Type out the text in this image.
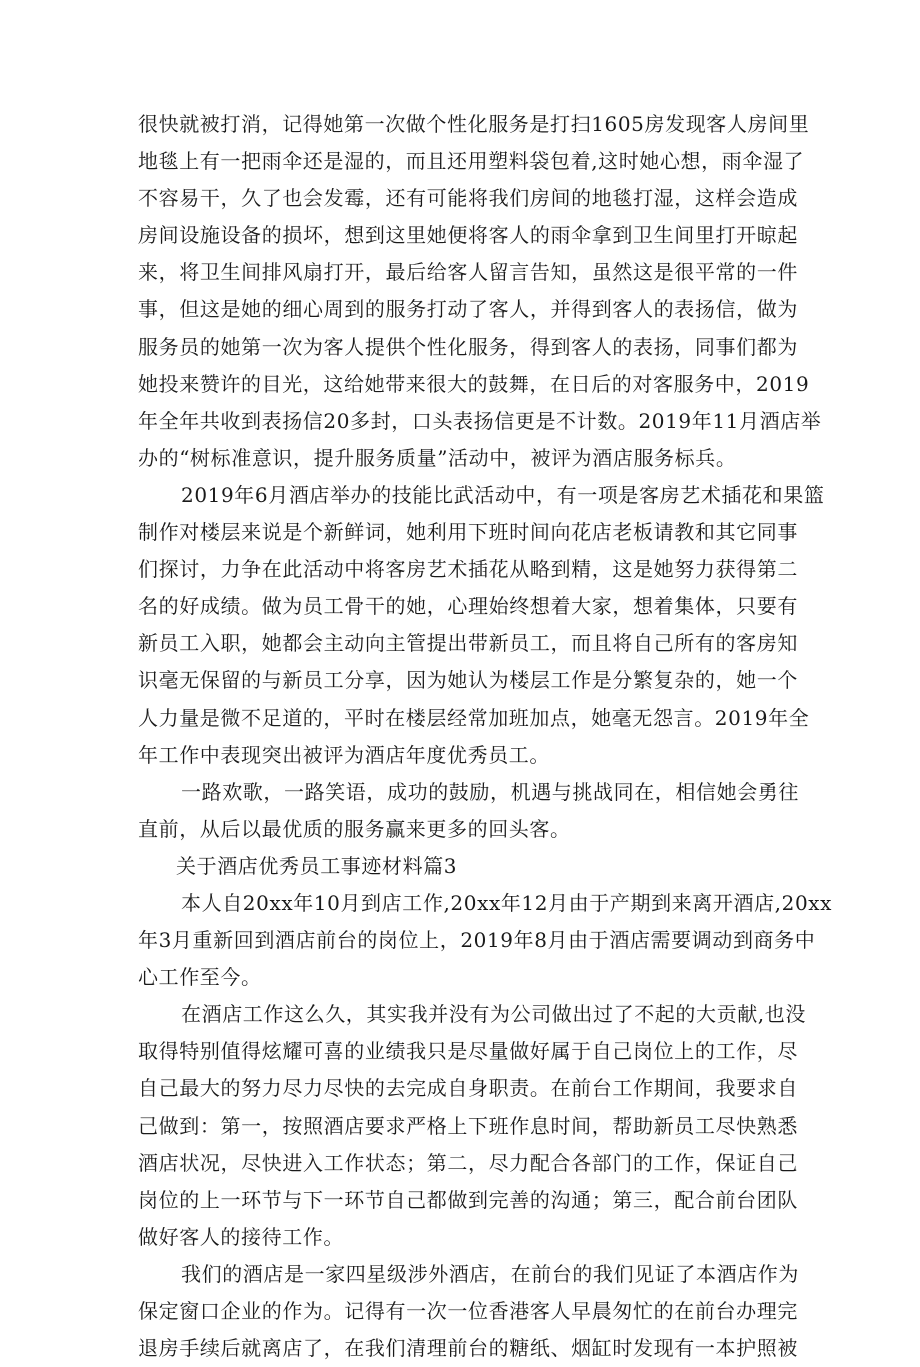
很快就被打消，记得她第一次做个性化服务是打扫1605房发现客人房间里
地毯上有一把雨伞还是湿的，而且还用塑料袋包着,这时她心想，雨伞湿了
不容易干，久了也会发霉，还有可能将我们房间的地毯打湿，这样会造成
房间设施设备的损坏，想到这里她便将客人的雨伞拿到卫生间里打开晾起
来，将卫生间排风扇打开，最后给客人留言告知，虽然这是很平常的一件
事，但这是她的细心周到的服务打动了客人，并得到客人的表扬信，做为
服务员的她第一次为客人提供个性化服务，得到客人的表扬，同事们都为
她投来赞许的目光，这给她带来很大的鼓舞，在日后的对客服务中，2019
年全年共收到表扬信20多封，口头表扬信更是不计数。2019年11月酒店举
办的“树标准意识，提升服务质量”活动中，被评为酒店服务标兵。
2019年6月酒店举办的技能比武活动中，有一项是客房艺术插花和果篮
制作对楼层来说是个新鲜词，她利用下班时间向花店老板请教和其它同事
们探讨，力争在此活动中将客房艺术插花从略到精，这是她努力获得第二
名的好成绩。做为员工骨干的她，心理始终想着大家，想着集体，只要有
新员工入职，她都会主动向主管提出带新员工，而且将自己所有的客房知
识毫无保留的与新员工分享，因为她认为楼层工作是分繁复杂的，她一个
人力量是微不足道的，平时在楼层经常加班加点，她毫无怨言。2019年全
年工作中表现突出被评为酒店年度优秀员工。
一路欢歌，一路笑语，成功的鼓励，机遇与挑战同在，相信她会勇往
直前，从后以最优质的服务赢来更多的回头客。
关于酒店优秀员工事迹材料篇3
本人自20xx年10月到店工作,20xx年12月由于产期到来离开酒店,20xx
年3月重新回到酒店前台的岗位上，2019年8月由于酒店需要调动到商务中
心工作至今。
在酒店工作这么久，其实我并没有为公司做出过了不起的大贡献,也没
取得特别值得炫耀可喜的业绩我只是尽量做好属于自己岗位上的工作，尽
自己最大的努力尽力尽快的去完成自身职责。在前台工作期间，我要求自
己做到：第一，按照酒店要求严格上下班作息时间，帮助新员工尽快熟悉
酒店状况，尽快进入工作状态；第二，尽力配合各部门的工作，保证自己
岗位的上一环节与下一环节自己都做到完善的沟通；第三，配合前台团队
做好客人的接待工作。
我们的酒店是一家四星级涉外酒店，在前台的我们见证了本酒店作为
保定窗口企业的作为。记得有一次一位香港客人早晨匆忙的在前台办理完
退房手续后就离店了，在我们清理前台的糖纸、烟缸时发现有一本护照被
